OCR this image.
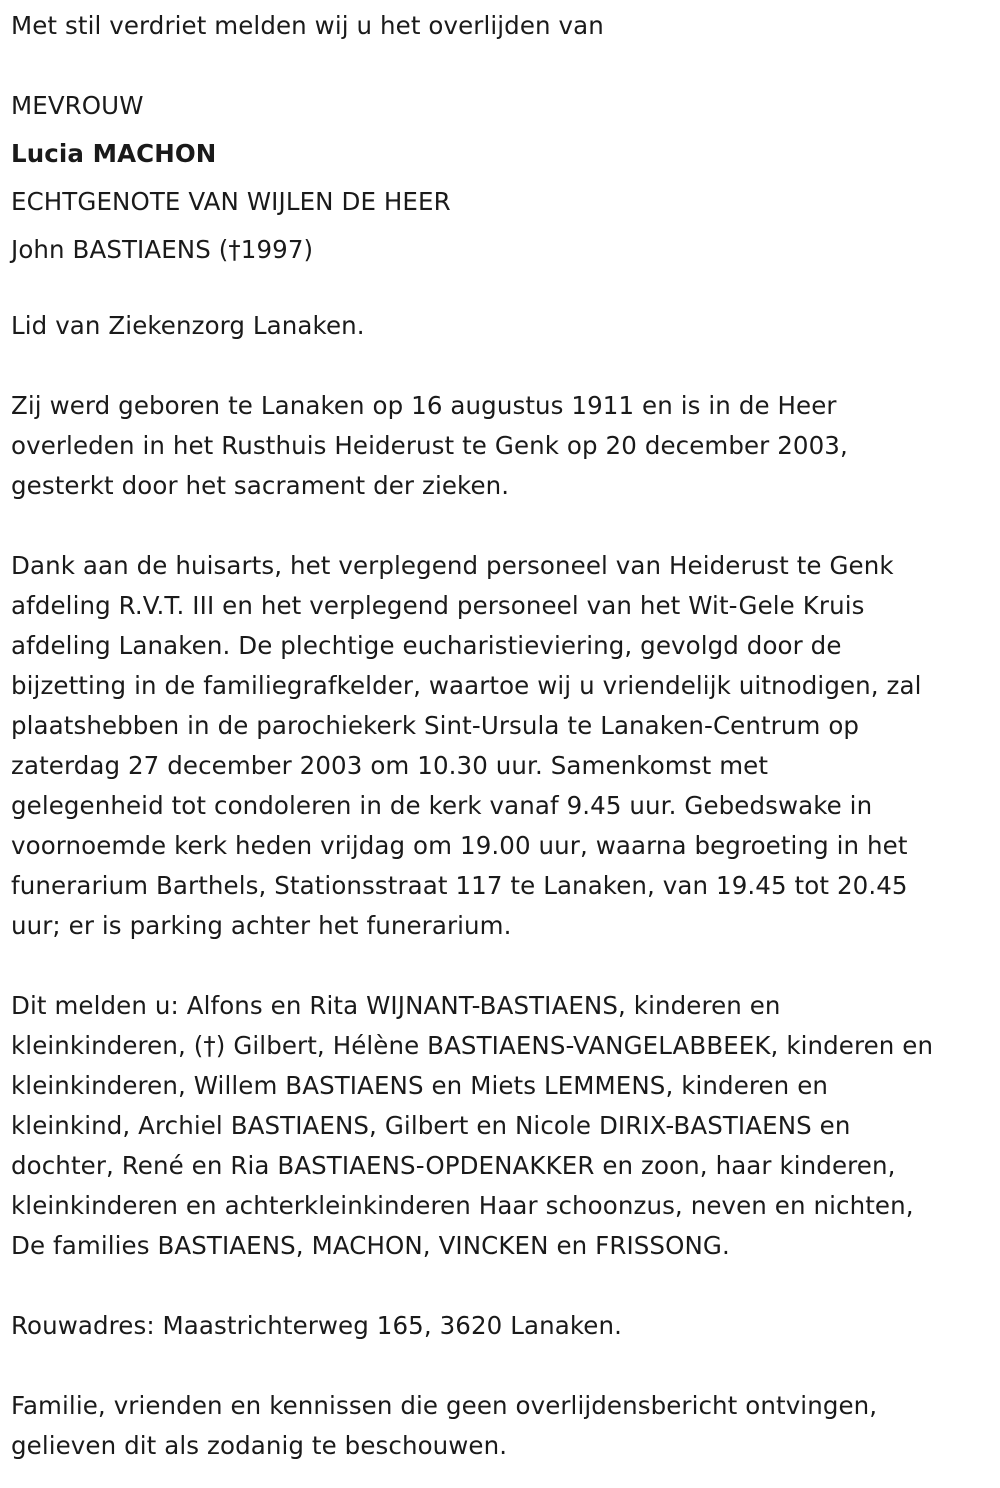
Met stil verdriet melden wij u het overlijden van
MEVROUW
Lucia MACHON
ECHTGENOTE VAN WIJLEN DE HEER
John BASTIAENS (†1997)

Lid van Ziekenzorg Lanaken.

Zij werd geboren te Lanaken op 16 augustus 1911 en is in de Heer

overleden in het Rusthuis Heiderust te Genk op 20 december 2003,

gesterkt door het sacrament der zieken.

Dank aan de huisarts, het verplegend personeel van Heiderust te Genk

afdeling R.V.T. III en het verplegend personeel van het Wit-Gele Kruis

afdeling Lanaken. De plechtige eucharistieviering, gevolgd door de

bijzetting in de familiegrafkelder, waartoe wij u vriendelijk uitnodigen, zal

plaatshebben in de parochiekerk Sint-Ursula te Lanaken-Centrum op

zaterdag 27 december 2003 om 10.30 uur. Samenkomst met

gelegenheid tot condoleren in de kerk vanaf 9.45 uur. Gebedswake in

voornoemde kerk heden vrijdag om 19.00 uur, waarna begroeting in het

funerarium Barthels, Stationsstraat 117 te Lanaken, van 19.45 tot 20.45

uur; er is parking achter het funerarium.

Dit melden u: Alfons en Rita WIJNANT-BASTIAENS, kinderen en

kleinkinderen, (†) Gilbert, Hélène BASTIAENS-VANGELABBEEK, kinderen en

kleinkinderen, Willem BASTIAENS en Miets LEMMENS, kinderen en

kleinkind, Archiel BASTIAENS, Gilbert en Nicole DIRIX-BASTIAENS en

dochter, René en Ria BASTIAENS-OPDENAKKER en zoon, haar kinderen,

kleinkinderen en achterkleinkinderen Haar schoonzus, neven en nichten,

De families BASTIAENS, MACHON, VINCKEN en FRISSONG.

Rouwadres: Maastrichterweg 165, 3620 Lanaken.

Familie, vrienden en kennissen die geen overlijdensbericht ontvingen,

gelieven dit als zodanig te beschouwen.
